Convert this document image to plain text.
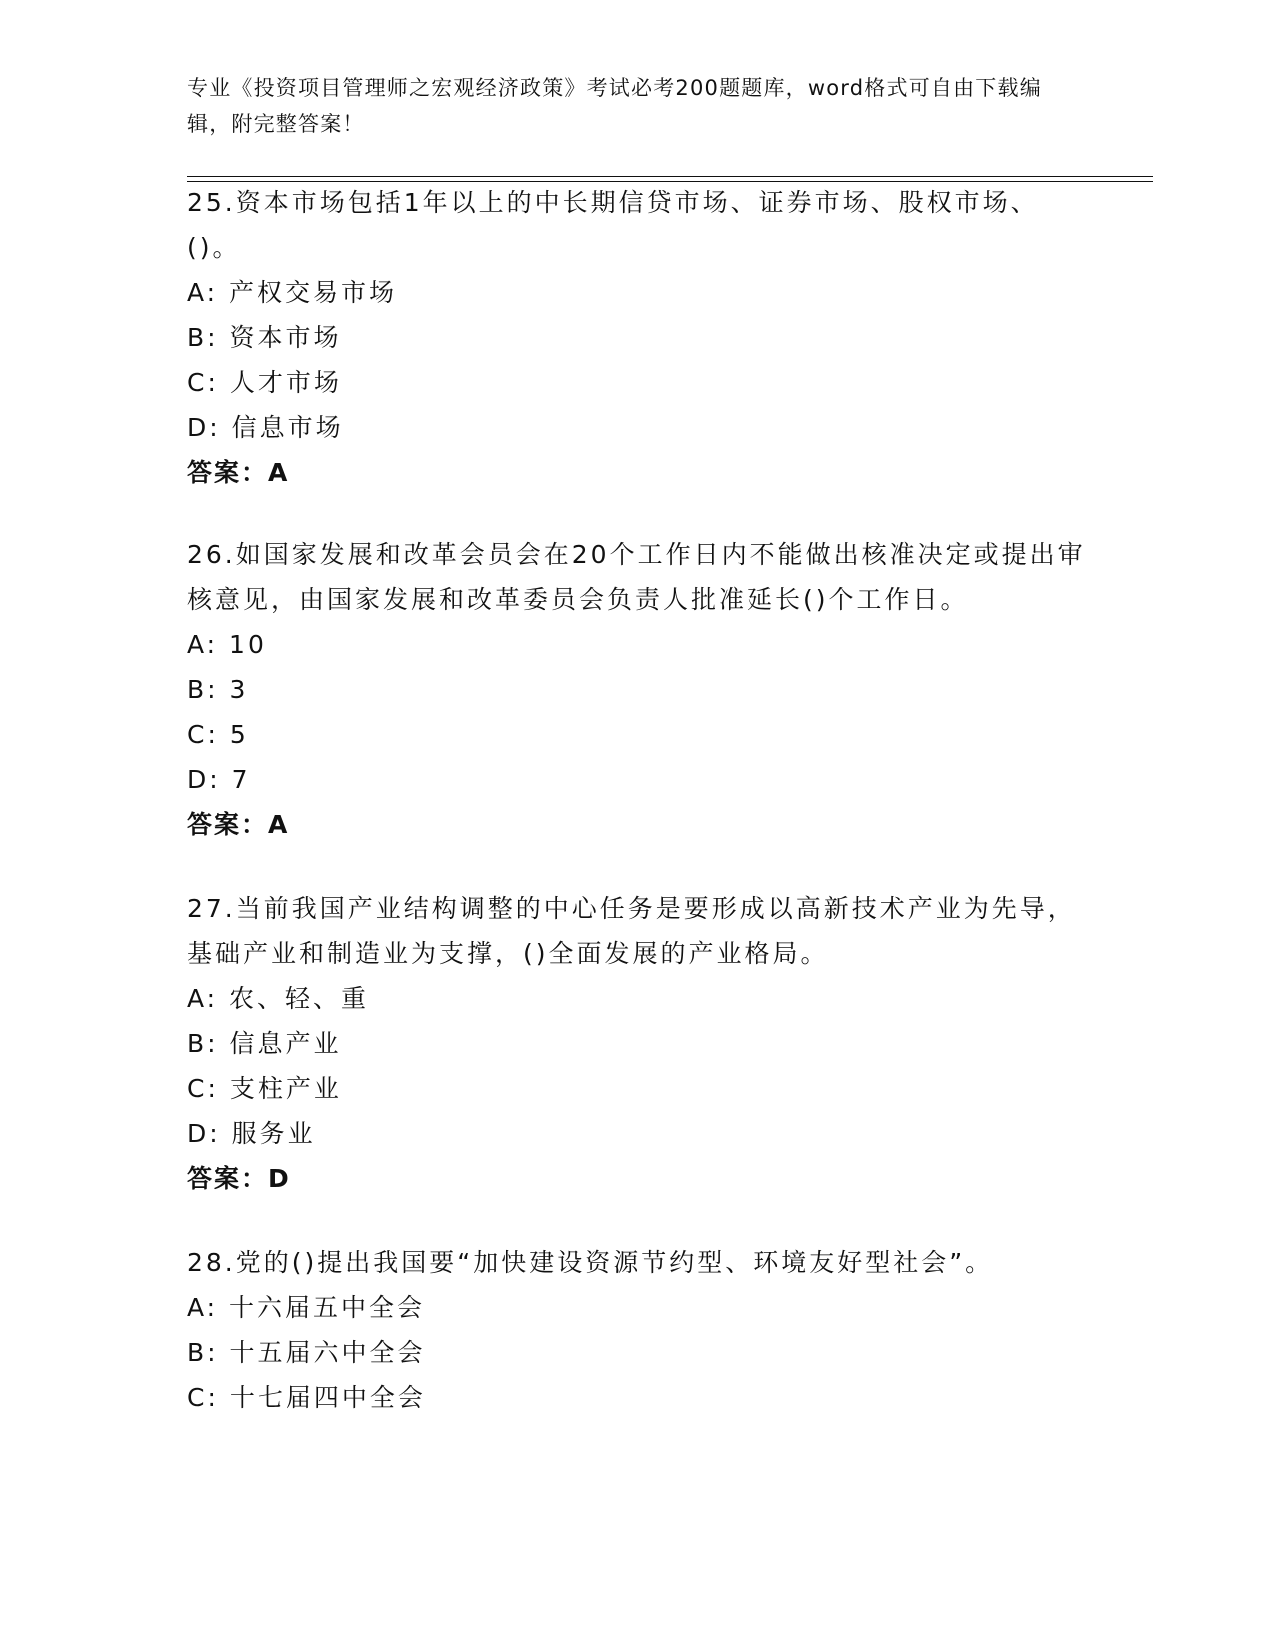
专业《投资项目管理师之宏观经济政策》考试必考200题题库，word格式可自由下载编辑，附完整答案！

25.资本市场包括1年以上的中长期信贷市场、证券市场、股权市场、()。

A: 产权交易市场

B: 资本市场

C: 人才市场

D: 信息市场

答案：A

26.如国家发展和改革会员会在20个工作日内不能做出核准决定或提出审核意见，由国家发展和改革委员会负责人批准延长()个工作日。

A: 10

B: 3

C: 5

D: 7

答案：A

27.当前我国产业结构调整的中心任务是要形成以高新技术产业为先导，基础产业和制造业为支撑，()全面发展的产业格局。

A: 农、轻、重

B: 信息产业

C: 支柱产业

D: 服务业

答案：D

28.党的()提出我国要“加快建设资源节约型、环境友好型社会”。

A: 十六届五中全会

B: 十五届六中全会

C: 十七届四中全会
